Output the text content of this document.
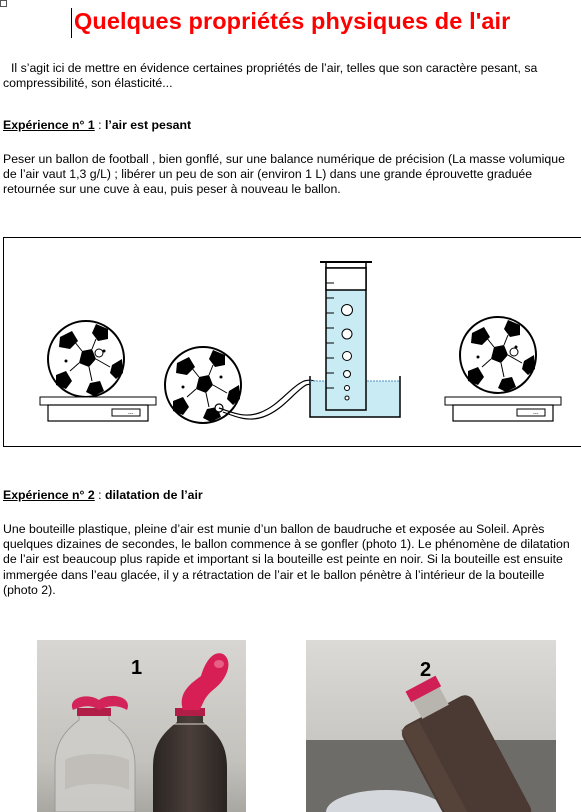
Quelques propriétés physiques de l'air

Il s’agit ici de mettre en évidence certaines propriétés de l’air, telles que son caractère pesant, sa compressibilité, son élasticité...

Expérience n° 1 : l’air est pesant

Peser un ballon de football , bien gonflé, sur une balance numérique de précision (La masse volumique de l’air vaut 1,3 g/L) ; libérer un peu de son air (environ 1 L) dans une grande éprouvette graduée retournée sur une cuve à eau, puis peser à nouveau le ballon.

---
Expérience n° 2 : dilatation de l’air

Une bouteille plastique, pleine d’air est munie d’un ballon de baudruche et exposée au Soleil. Après quelques dizaines de secondes, le ballon commence à se gonfler (photo 1). Le phénomène de dilatation de l’air est beaucoup plus rapide et important si la bouteille est peinte en noir. Si la bouteille est ensuite immergée dans l’eau glacée, il y a rétractation de l’air et le ballon pénètre à l’intérieur de la bouteille (photo 2).

1	2
